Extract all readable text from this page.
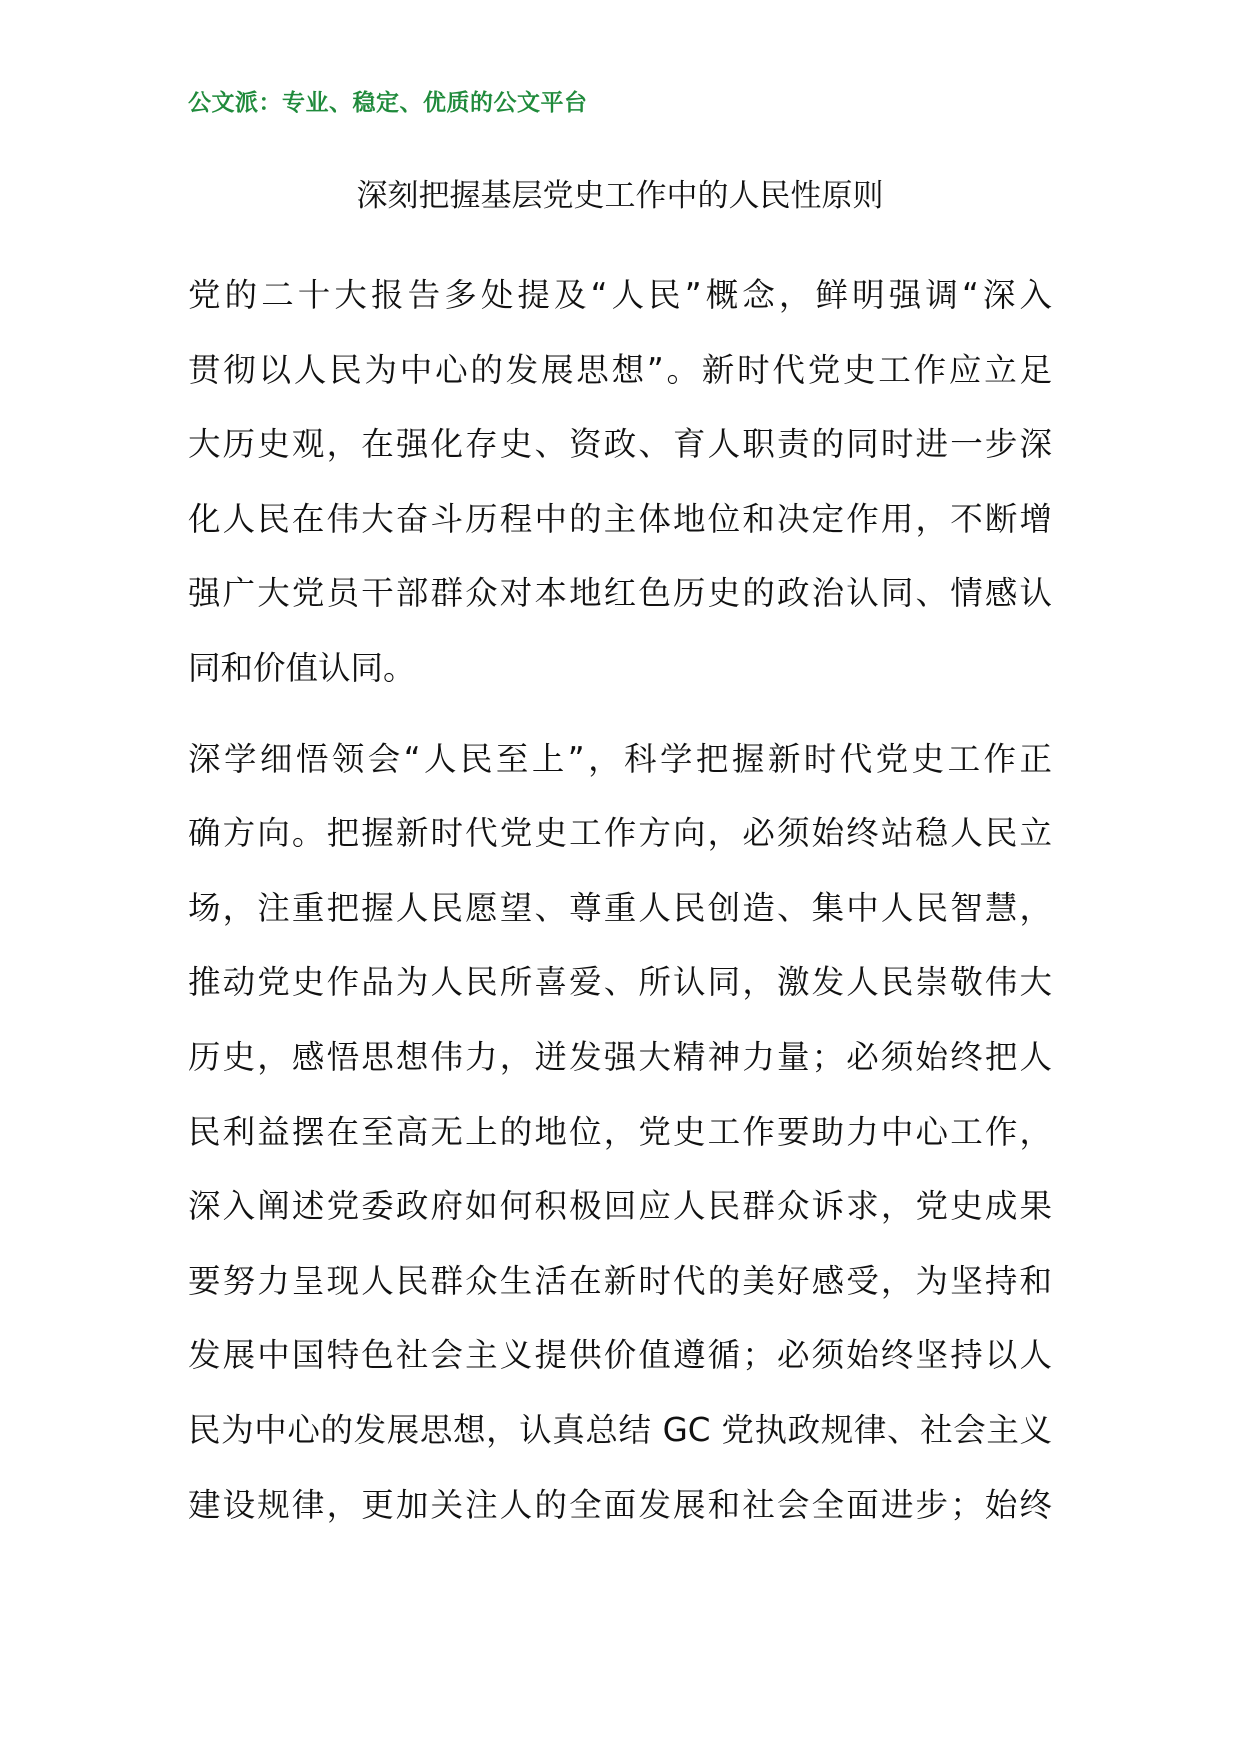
公文派：专业、稳定、优质的公文平台
深刻把握基层党史工作中的人民性原则
党的二十大报告多处提及“人民”概念，鲜明强调“深入
贯彻以人民为中心的发展思想”。新时代党史工作应立足
大历史观，在强化存史、资政、育人职责的同时进一步深
化人民在伟大奋斗历程中的主体地位和决定作用，不断增
强广大党员干部群众对本地红色历史的政治认同、情感认
同和价值认同。
深学细悟领会“人民至上”，科学把握新时代党史工作正
确方向。把握新时代党史工作方向，必须始终站稳人民立
场，注重把握人民愿望、尊重人民创造、集中人民智慧，
推动党史作品为人民所喜爱、所认同，激发人民崇敬伟大
历史，感悟思想伟力，迸发强大精神力量；必须始终把人
民利益摆在至高无上的地位，党史工作要助力中心工作，
深入阐述党委政府如何积极回应人民群众诉求，党史成果
要努力呈现人民群众生活在新时代的美好感受，为坚持和
发展中国特色社会主义提供价值遵循；必须始终坚持以人
民为中心的发展思想，认真总结 GC 党执政规律、社会主义
建设规律，更加关注人的全面发展和社会全面进步；始终
